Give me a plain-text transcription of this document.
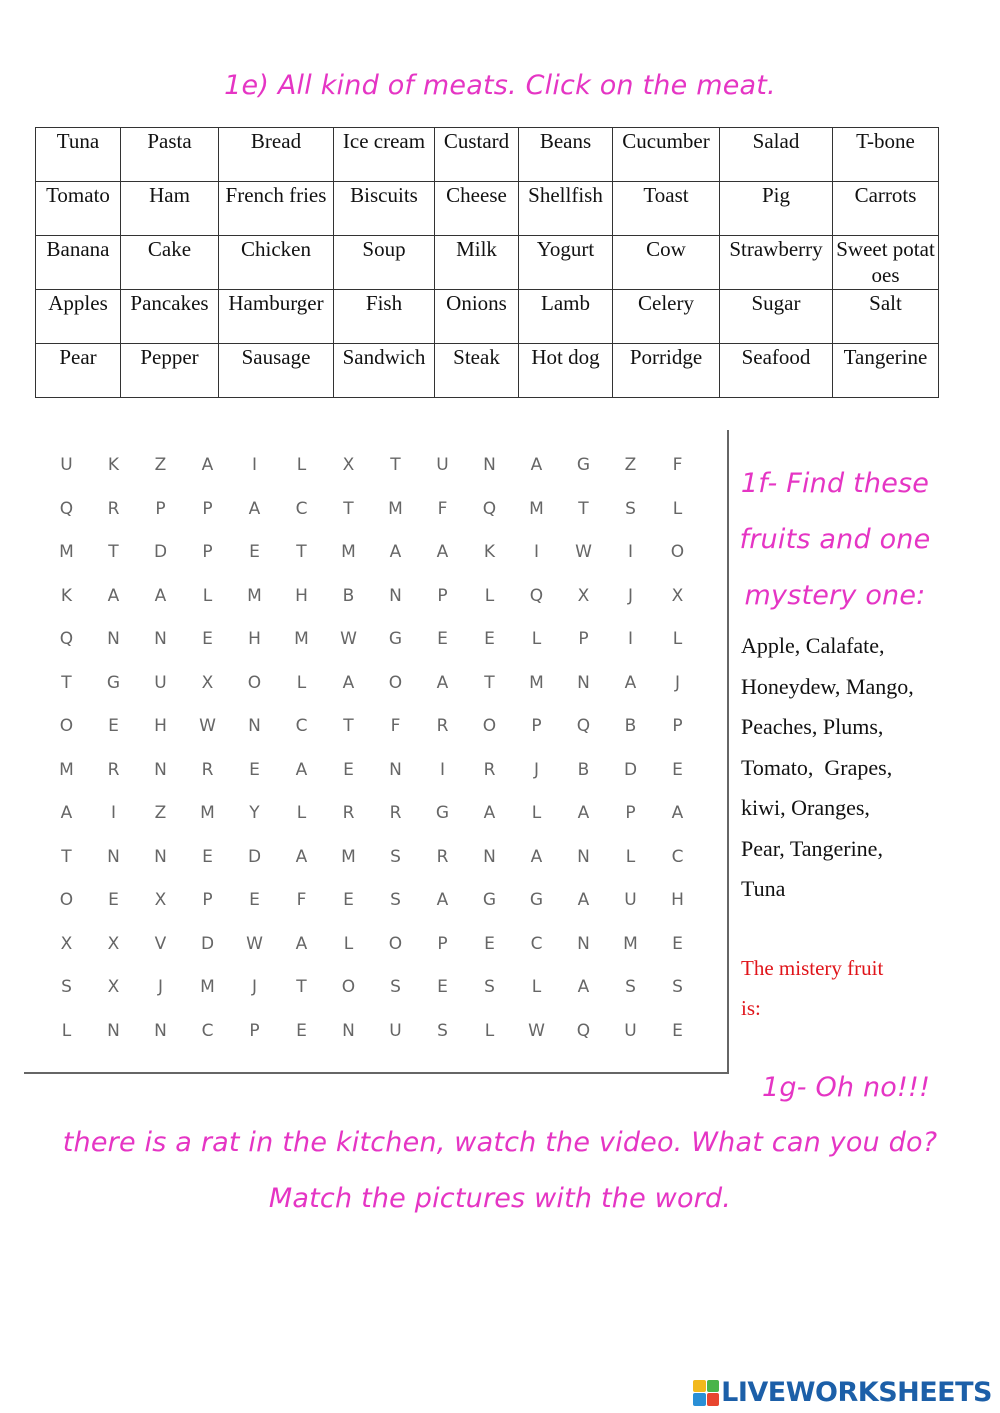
1e) All kind of meats. Click on the meat.
Tuna	Pasta	Bread	Ice cream	Custard	Beans	Cucumber	Salad	T-bone
Tomato	Ham	French fries	Biscuits	Cheese	Shellfish	Toast	Pig	Carrots
Banana	Cake	Chicken	Soup	Milk	Yogurt	Cow	Strawberry	Sweet potatoes
Apples	Pancakes	Hamburger	Fish	Onions	Lamb	Celery	Sugar	Salt
Pear	Pepper	Sausage	Sandwich	Steak	Hot dog	Porridge	Seafood	Tangerine
U	K	Z	A	I	L	X	T	U	N	A	G	Z	F
Q	R	P	P	A	C	T	M	F	Q	M	T	S	L
M	T	D	P	E	T	M	A	A	K	I	W	I	O
K	A	A	L	M	H	B	N	P	L	Q	X	J	X
Q	N	N	E	H	M	W	G	E	E	L	P	I	L
T	G	U	X	O	L	A	O	A	T	M	N	A	J
O	E	H	W	N	C	T	F	R	O	P	Q	B	P
M	R	N	R	E	A	E	N	I	R	J	B	D	E
A	I	Z	M	Y	L	R	R	G	A	L	A	P	A
T	N	N	E	D	A	M	S	R	N	A	N	L	C
O	E	X	P	E	F	E	S	A	G	G	A	U	H
X	X	V	D	W	A	L	O	P	E	C	N	M	E
S	X	J	M	J	T	O	S	E	S	L	A	S	S
L	N	N	C	P	E	N	U	S	L	W	Q	U	E
1f- Find these
fruits and one
mystery one:
Apple, Calafate,
Honeydew, Mango,
Peaches, Plums,
Tomato,  Grapes,
kiwi, Oranges,
Pear, Tangerine,
Tuna
The mistery fruit
is:
1g- Oh no!!!
there is a rat in the kitchen, watch the video. What can you do?
Match the pictures with the word.
LIVEWORKSHEETS
